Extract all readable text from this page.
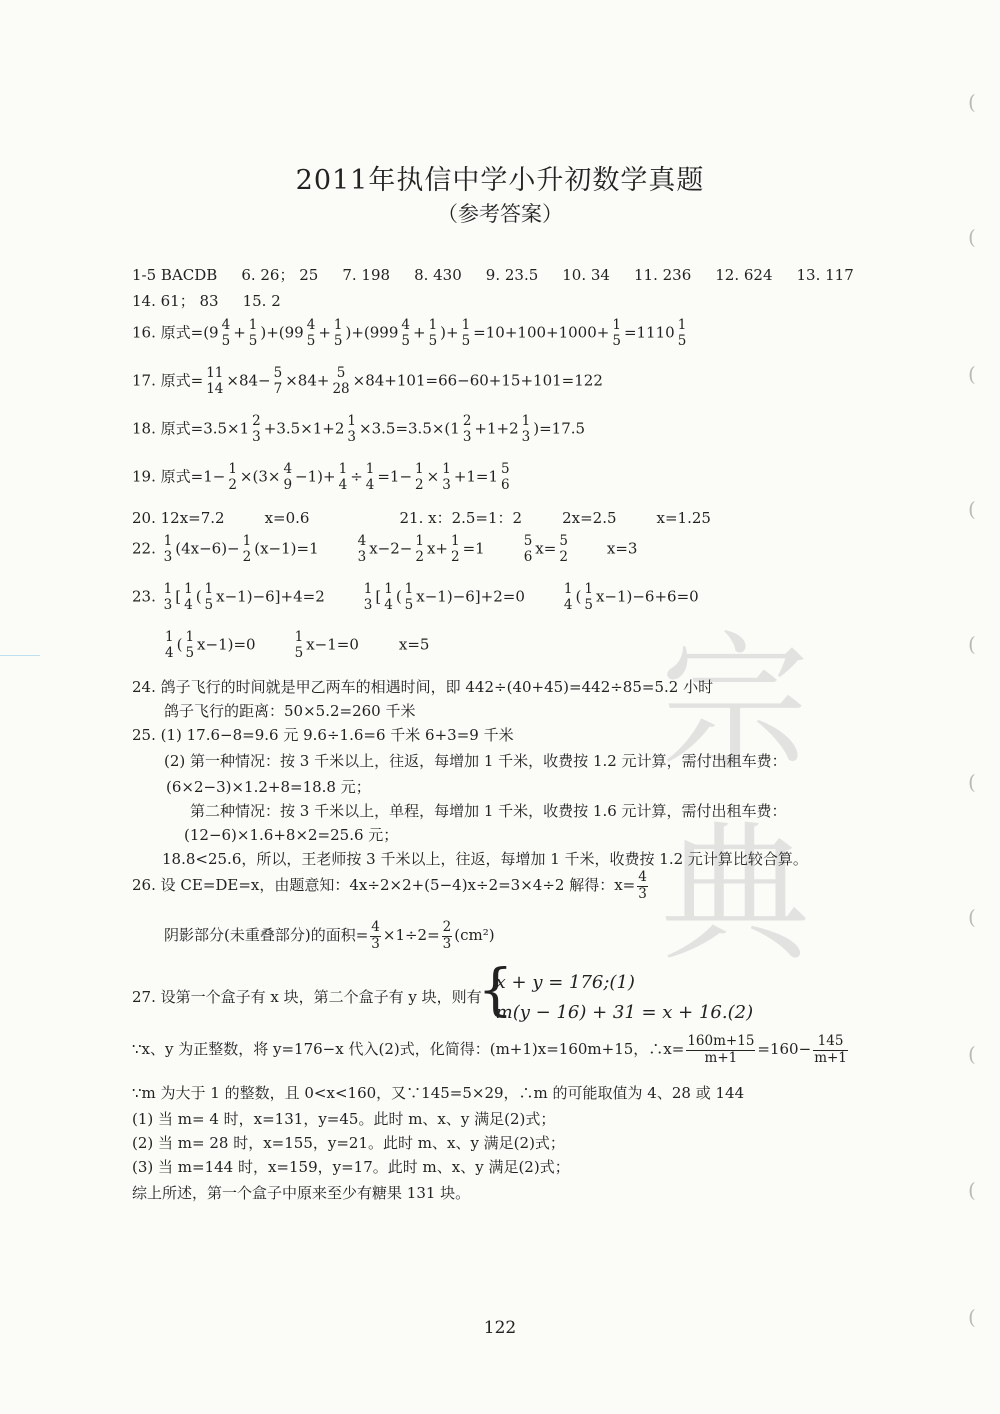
宗
典
(
(
(
(
(
(
(
(
(
(
2011年执信中学小升初数学真题
（参考答案）
1-5 BACDB 6. 26； 25 7. 198 8. 430 9. 23.5 10. 34 11. 236 12. 624 13. 117
14. 61； 83 15. 2
16. 原式=(9 4
5 + 1
5 )+(99 4
5 + 1
5 )+(999 4
5 + 1
5 )+ 1
5 =10+100+1000+ 1
5 =1110 1
5
17. 原式= 11
14 ×84− 5
7 ×84+ 5
28 ×84+101=66−60+15+101=122
18. 原式=3.5×1 2
3 +3.5×1+2 1
3 ×3.5=3.5×(1 2
3 +1+2 1
3 )=17.5
19. 原式=1− 1
2 ×(3× 4
9 −1)+ 1
4 ÷ 1
4 =1− 1
2 × 1
3 +1=1 5
6
20. 12x=7.2	x=0.6	21. x：2.5=1：2	2x=2.5	x=1.25
22. 1
3 (4x−6)− 1
2 (x−1)=1	4
3 x−2− 1
2 x+ 1
2 =1	5
6 x= 5
2	x=3
23. 1
3 [ 1
4 ( 1
5 x−1)−6]+4=2	1
3 [ 1
4 ( 1
5 x−1)−6]+2=0	1
4 ( 1
5 x−1)−6+6=0
1
4 ( 1
5 x−1)=0	1
5 x−1=0	x=5
24. 鸽子飞行的时间就是甲乙两车的相遇时间，即 442÷(40+45)=442÷85=5.2 小时
鸽子飞行的距离：50×5.2=260 千米
25. (1) 17.6−8=9.6 元 9.6÷1.6=6 千米 6+3=9 千米
(2) 第一种情况：按 3 千米以上，往返，每增加 1 千米，收费按 1.2 元计算，需付出租车费：
(6×2−3)×1.2+8=18.8 元；
第二种情况：按 3 千米以上，单程，每增加 1 千米，收费按 1.6 元计算，需付出租车费：
(12−6)×1.6+8×2=25.6 元；
18.8<25.6，所以，王老师按 3 千米以上，往返，每增加 1 千米，收费按 1.2 元计算比较合算。
26. 设 CE=DE=x，由题意知：4x÷2×2+(5−4)x÷2=3×4÷2 解得：$x= \frac{4}{3}$
阴影部分(未重叠部分)的面积= $\frac{4}{3} \times 1\div 2= \frac{2}{3} (cm^2)$
27. 设第一个盒子有 x 块，第二个盒子有 y 块，则有
{ x + y = 176;(1)
m(y − 16) + 31 = x + 16.(2)
∵x、y 为正整数，将 y=176−x 代入(2)式，化简得：(m+1)x=160m+15，∴x= $\frac{160m+15}{m+1} =160- \frac{145}{m+1}$
∵m 为大于 1 的整数，且 0<x<160，又∵145=5×29，∴m 的可能取值为 4、28 或 144
(1) 当 m= 4 时，x=131，y=45。此时 m、x、y 满足(2)式；
(2) 当 m= 28 时，x=155，y=21。此时 m、x、y 满足(2)式；
(3) 当 m=144 时，x=159，y=17。此时 m、x、y 满足(2)式；
综上所述，第一个盒子中原来至少有糖果 131 块。
122
